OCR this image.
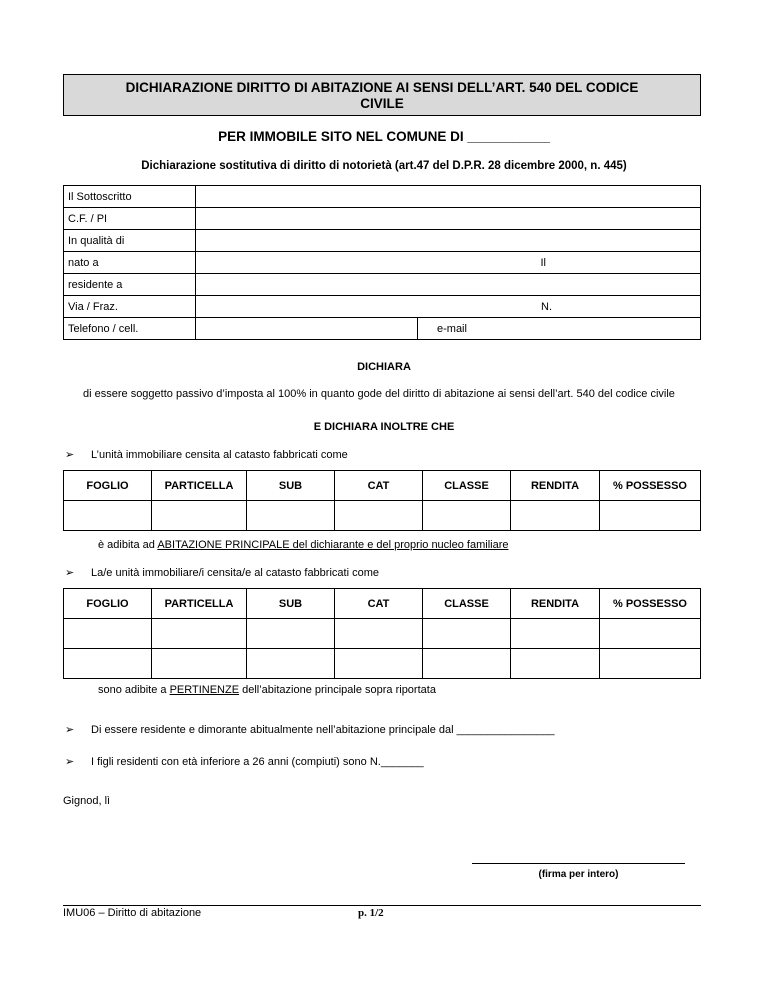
DICHIARAZIONE DIRITTO DI ABITAZIONE AI SENSI DELL’ART. 540 DEL CODICE
CIVILE
PER IMMOBILE SITO NEL COMUNE DI ___________
Dichiarazione sostitutiva di diritto di notorietà (art.47 del D.P.R. 28 dicembre 2000, n. 445)
Il Sottoscritto		
C.F. / PI		
In qualità di		
nato a	Il	

residente a		
Via / Fraz.	N.	

Telefono / cell.		e-mail
DICHIARA
di essere soggetto passivo d’imposta al 100% in quanto gode del diritto di abitazione ai sensi dell’art. 540 del codice civile
E DICHIARA INOLTRE CHE
➢ L’unità immobiliare censita al catasto fabbricati come
FOGLIO	PARTICELLA	SUB	CAT	CLASSE	RENDITA	% POSSESSO

è adibita ad ABITAZIONE PRINCIPALE del dichiarante e del proprio nucleo familiare
➢ La/e unità immobiliare/i censita/e al catasto fabbricati come
FOGLIO	PARTICELLA	SUB	CAT	CLASSE	RENDITA	% POSSESSO

sono adibite a PERTINENZE dell’abitazione principale sopra riportata
➢ Di essere residente e dimorante abitualmente nell’abitazione principale dal ________________
➢ I figli residenti con età inferiore a 26 anni (compiuti) sono N._______
Gignod, lì
(firma per intero)
IMU06 – Diritto di abitazione	p. 1/2
